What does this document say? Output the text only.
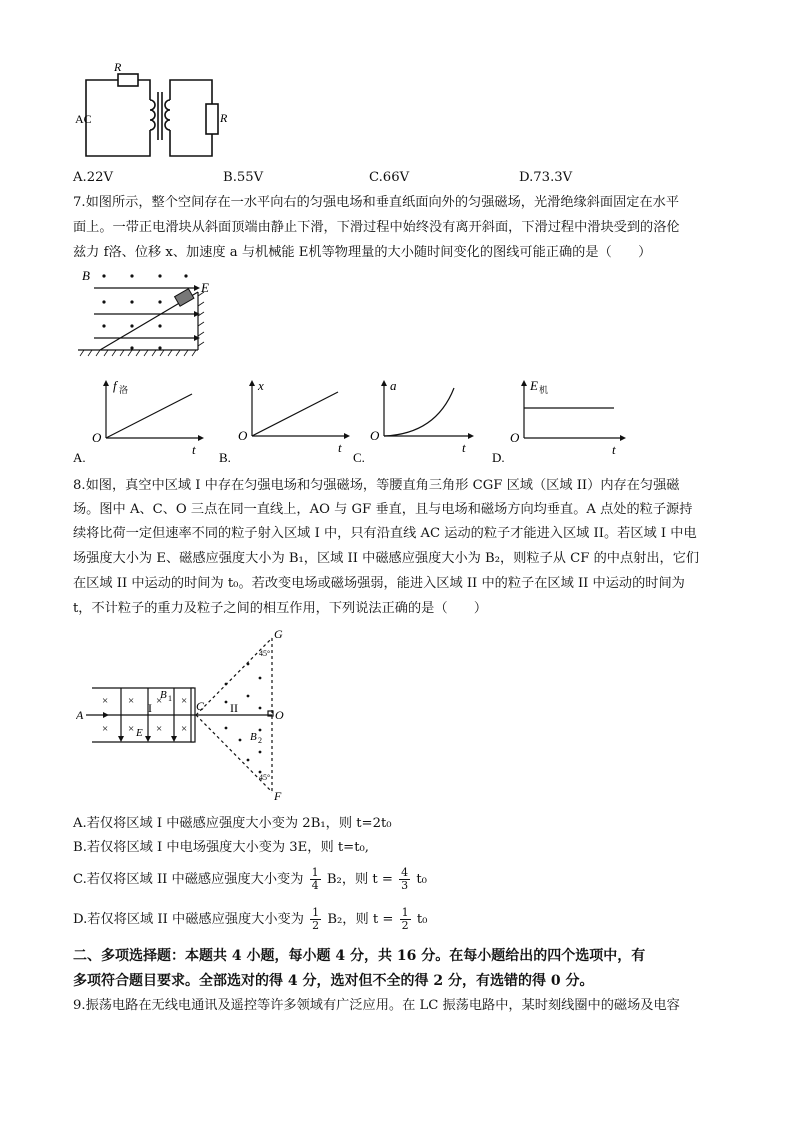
R
AC	R
A.22V	B.55V	C.66V	D.73.3V
7.如图所示，整个空间存在一水平向右的匀强电场和垂直纸面向外的匀强磁场，光滑绝缘斜面固定在水平
面上。一带正电滑块从斜面顶端由静止下滑，下滑过程中始终没有离开斜面，下滑过程中滑块受到的洛伦
兹力 f洛、位移 x、加速度 a 与机械能 E机等物理量的大小随时间变化的图线可能正确的是（　　）
B
E
f 洛
O
t
A.
x
O
t
B.
a
O
t
C.
E 机
O
t
D.
8.如图，真空中区域 I 中存在匀强电场和匀强磁场，等腰直角三角形 CGF 区域（区域 II）内存在匀强磁
场。图中 A、C、O 三点在同一直线上，AO 与 GF 垂直，且与电场和磁场方向均垂直。A 点处的粒子源持
续将比荷一定但速率不同的粒子射入区域 I 中，只有沿直线 AC 运动的粒子才能进入区域 II。若区域 I 中电
场强度大小为 E、磁感应强度大小为 B₁，区域 II 中磁感应强度大小为 B₂，则粒子从 CF 的中点射出，它们
在区域 II 中运动的时间为 t₀。若改变电场或磁场强弱，能进入区域 II 中的粒子在区域 II 中运动的时间为
t，不计粒子的重力及粒子之间的相互作用，下列说法正确的是（　　）
× × × ×
× × × ×
A
C
O
G
F
I	II
B 1
B 2
E
45°
45°
A.若仅将区域 I 中磁感应强度大小变为 2B₁，则 t=2t₀
B.若仅将区域 I 中电场强度大小变为 3E，则 t=t₀,
C.若仅将区域 II 中磁感应强度大小变为 $\frac{1}{4} B_2$，则 $t = \frac{4}{3} t_0$
D.若仅将区域 II 中磁感应强度大小变为 $\frac{1}{2} B_2$，则 $t = \frac{1}{2} t_0$
二、多项选择题：本题共 4 小题，每小题 4 分，共 16 分。在每小题给出的四个选项中，有
多项符合题目要求。全部选对的得 4 分，选对但不全的得 2 分，有选错的得 0 分。
9.振荡电路在无线电通讯及遥控等许多领域有广泛应用。在 LC 振荡电路中，某时刻线圈中的磁场及电容
